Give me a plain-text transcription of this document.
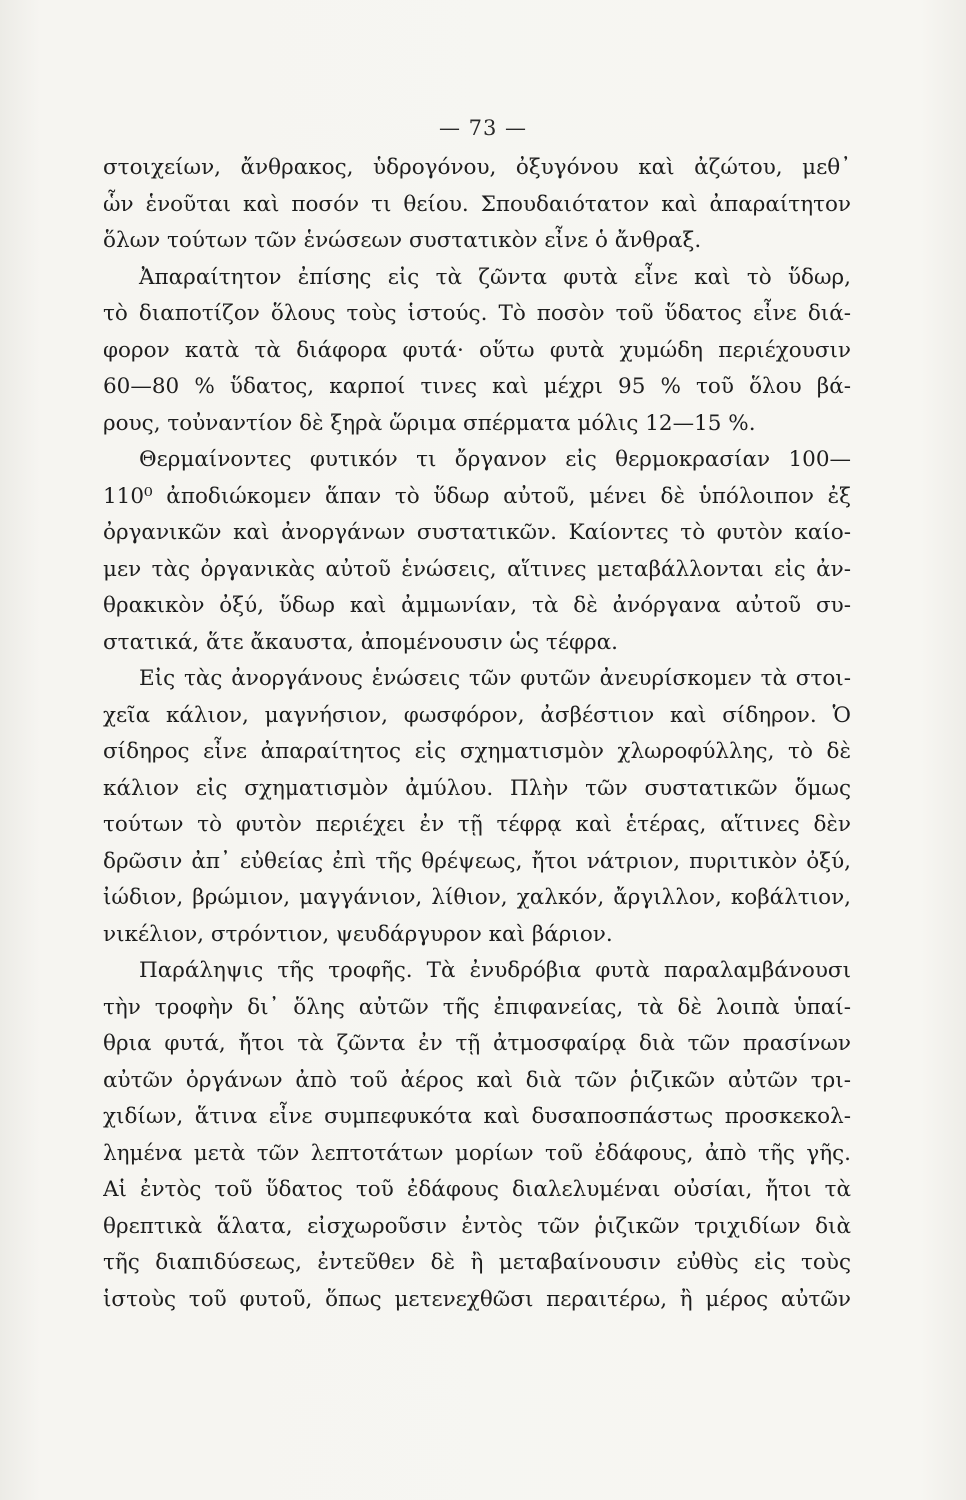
— 73 —
στοιχείων, ἄνθρακος, ὑδρογόνου, ὀξυγόνου καὶ ἀζώτου, μεθ᾽
ὧν ἑνοῦται καὶ ποσόν τι θείου. Σπουδαιότατον καὶ ἀπαραίτητον
ὅλων τούτων τῶν ἑνώσεων συστατικὸν εἶνε ὁ ἄνθραξ.
Ἀπαραίτητον ἐπίσης εἰς τὰ ζῶντα φυτὰ εἶνε καὶ τὸ ὕδωρ,
τὸ διαποτίζον ὅλους τοὺς ἱστούς. Τὸ ποσὸν τοῦ ὕδατος εἶνε διά-
φορον κατὰ τὰ διάφορα φυτά· οὕτω φυτὰ χυμώδη περιέχουσιν
60—80 % ὕδατος, καρποί τινες καὶ μέχρι 95 % τοῦ ὅλου βά-
ρους, τοὐναντίον δὲ ξηρὰ ὥριμα σπέρματα μόλις 12—15 %.
Θερμαίνοντες φυτικόν τι ὄργανον εἰς θερμοκρασίαν 100—
110⁰ ἀποδιώκομεν ἅπαν τὸ ὕδωρ αὐτοῦ, μένει δὲ ὑπόλοιπον ἐξ
ὀργανικῶν καὶ ἀνοργάνων συστατικῶν. Καίοντες τὸ φυτὸν καίο-
μεν τὰς ὀργανικὰς αὐτοῦ ἑνώσεις, αἵτινες μεταβάλλονται εἰς ἀν-
θρακικὸν ὀξύ, ὕδωρ καὶ ἀμμωνίαν, τὰ δὲ ἀνόργανα αὐτοῦ συ-
στατικά, ἅτε ἄκαυστα, ἀπομένουσιν ὡς τέφρα.
Εἰς τὰς ἀνοργάνους ἑνώσεις τῶν φυτῶν ἀνευρίσκομεν τὰ στοι-
χεῖα κάλιον, μαγνήσιον, φωσφόρον, ἀσβέστιον καὶ σίδηρον. Ὁ
σίδηρος εἶνε ἀπαραίτητος εἰς σχηματισμὸν χλωροφύλλης, τὸ δὲ
κάλιον εἰς σχηματισμὸν ἀμύλου. Πλὴν τῶν συστατικῶν ὅμως
τούτων τὸ φυτὸν περιέχει ἐν τῇ τέφρᾳ καὶ ἑτέρας, αἵτινες δὲν
δρῶσιν ἀπ᾽ εὐθείας ἐπὶ τῆς θρέψεως, ἤτοι νάτριον, πυριτικὸν ὀξύ,
ἰώδιον, βρώμιον, μαγγάνιον, λίθιον, χαλκόν, ἄργιλλον, κοβάλτιον,
νικέλιον, στρόντιον, ψευδάργυρον καὶ βάριον.
Παράληψις τῆς τροφῆς. Τὰ ἐνυδρόβια φυτὰ παραλαμβάνουσι
τὴν τροφὴν δι᾽ ὅλης αὐτῶν τῆς ἐπιφανείας, τὰ δὲ λοιπὰ ὑπαί-
θρια φυτά, ἤτοι τὰ ζῶντα ἐν τῇ ἀτμοσφαίρᾳ διὰ τῶν πρασίνων
αὐτῶν ὀργάνων ἀπὸ τοῦ ἀέρος καὶ διὰ τῶν ῥιζικῶν αὐτῶν τρι-
χιδίων, ἅτινα εἶνε συμπεφυκότα καὶ δυσαποσπάστως προσκεκολ-
λημένα μετὰ τῶν λεπτοτάτων μορίων τοῦ ἐδάφους, ἀπὸ τῆς γῆς.
Αἱ ἐντὸς τοῦ ὕδατος τοῦ ἐδάφους διαλελυμέναι οὐσίαι, ἤτοι τὰ
θρεπτικὰ ἅλατα, εἰσχωροῦσιν ἐντὸς τῶν ῥιζικῶν τριχιδίων διὰ
τῆς διαπιδύσεως, ἐντεῦθεν δὲ ἢ μεταβαίνουσιν εὐθὺς εἰς τοὺς
ἱστοὺς τοῦ φυτοῦ, ὅπως μετενεχθῶσι περαιτέρω, ἢ μέρος αὐτῶν
